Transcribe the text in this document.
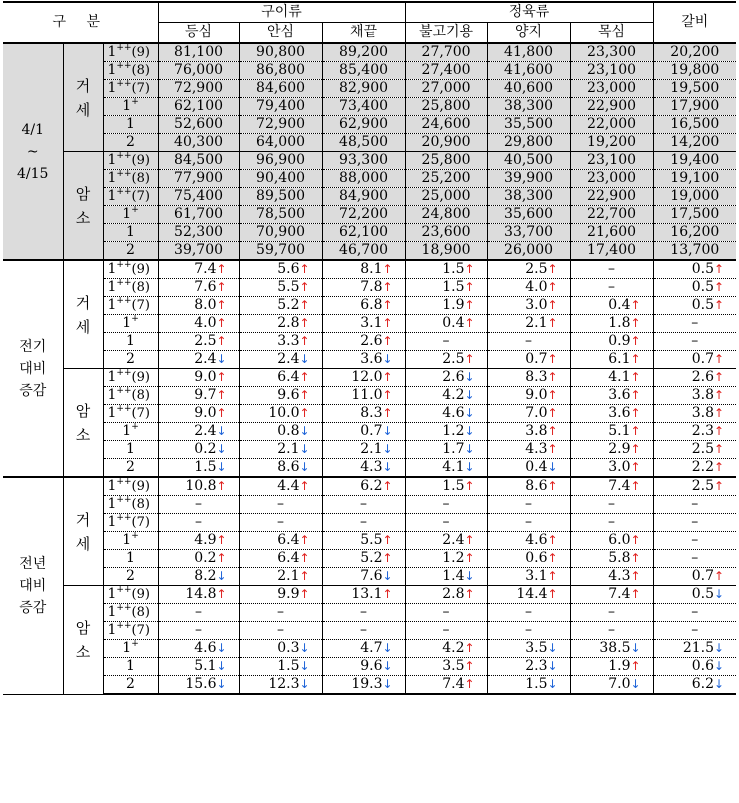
구 분			구이류			정육류			갈비
			등심	안심	채끝	불고기용	양지	목심	
4/1
~
4/15	거
세	1++(9)	81,100	90,800	89,200	27,700	41,800	23,300	20,200
		1++(8)	76,000	86,800	85,400	27,400	41,600	23,100	19,800
		1++(7)	72,900	84,600	82,900	27,000	40,600	23,000	19,500
		1+	62,100	79,400	73,400	25,800	38,300	22,900	17,900
		1	52,600	72,900	62,900	24,600	35,500	22,000	16,500
		2	40,300	64,000	48,500	20,900	29,800	19,200	14,200
	암
소	1++(9)	84,500	96,900	93,300	25,800	40,500	23,100	19,400
		1++(8)	77,900	90,400	88,000	25,200	39,900	23,000	19,100
		1++(7)	75,400	89,500	84,900	25,000	38,300	22,900	19,000
		1+	61,700	78,500	72,200	24,800	35,600	22,700	17,500
		1	52,300	70,900	62,100	23,600	33,700	21,600	16,200
		2	39,700	59,700	46,700	18,900	26,000	17,400	13,700
전기
대비
증감	거
세	1++(9)	7.4↑	5.6↑	8.1↑	1.5↑	2.5↑	–	0.5↑
		1++(8)	7.6↑	5.5↑	7.8↑	1.5↑	4.0↑	–	0.5↑
		1++(7)	8.0↑	5.2↑	6.8↑	1.9↑	3.0↑	0.4↑	0.5↑
		1+	4.0↑	2.8↑	3.1↑	0.4↑	2.1↑	1.8↑	–
		1	2.5↑	3.3↑	2.6↑	–	–	0.9↑	–
		2	2.4↓	2.4↓	3.6↓	2.5↑	0.7↑	6.1↑	0.7↑
	암
소	1++(9)	9.0↑	6.4↑	12.0↑	2.6↓	8.3↑	4.1↑	2.6↑
		1++(8)	9.7↑	9.6↑	11.0↑	4.2↓	9.0↑	3.6↑	3.8↑
		1++(7)	9.0↑	10.0↑	8.3↑	4.6↓	7.0↑	3.6↑	3.8↑
		1+	2.4↓	0.8↓	0.7↓	1.2↓	3.8↑	5.1↑	2.3↑
		1	0.2↓	2.1↓	2.1↓	1.7↓	4.3↑	2.9↑	2.5↑
		2	1.5↓	8.6↓	4.3↓	4.1↓	0.4↓	3.0↑	2.2↑
전년
대비
증감	거
세	1++(9)	10.8↑	4.4↑	6.2↑	1.5↑	8.6↑	7.4↑	2.5↑
		1++(8)	–	–	–	–	–	–	–
		1++(7)	–	–	–	–	–	–	–
		1+	4.9↑	6.4↑	5.5↑	2.4↑	4.6↑	6.0↑	–
		1	0.2↑	6.4↑	5.2↑	1.2↑	0.6↑	5.8↑	–
		2	8.2↓	2.1↑	7.6↓	1.4↓	3.1↑	4.3↑	0.7↑
	암
소	1++(9)	14.8↑	9.9↑	13.1↑	2.8↑	14.4↑	7.4↑	0.5↓
		1++(8)	–	–	–	–	–	–	–
		1++(7)	–	–	–	–	–	–	–
		1+	4.6↓	0.3↓	4.7↓	4.2↑	3.5↓	38.5↓	21.5↓
		1	5.1↓	1.5↓	9.6↓	3.5↑	2.3↓	1.9↑	0.6↓
		2	15.6↓	12.3↓	19.3↓	7.4↑	1.5↓	7.0↓	6.2↓
